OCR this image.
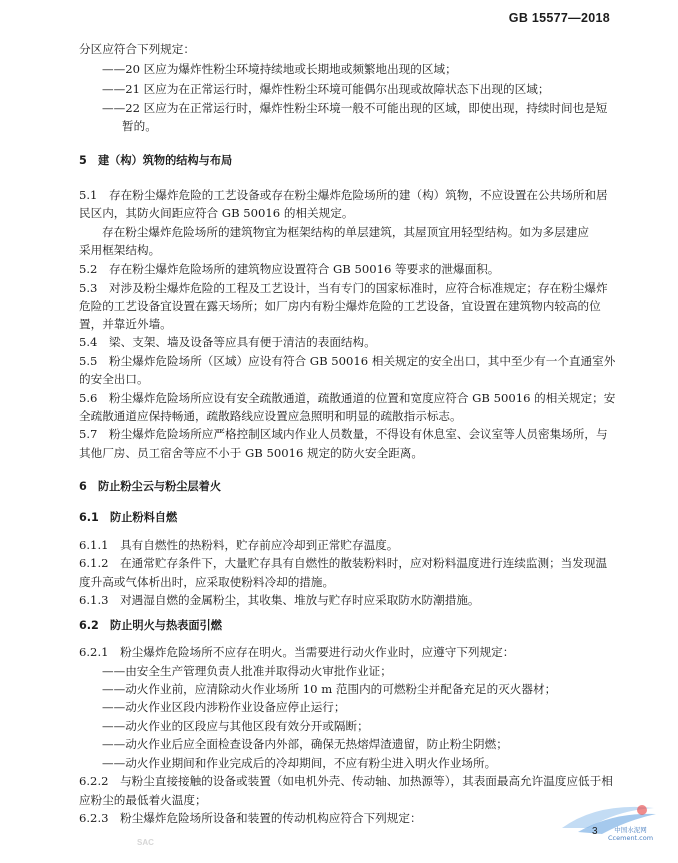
GB 15577—2018
分区应符合下列规定：
——20 区应为爆炸性粉尘环境持续地或长期地或频繁地出现的区域；
——21 区应为在正常运行时，爆炸性粉尘环境可能偶尔出现或故障状态下出现的区域；
——22 区应为在正常运行时，爆炸性粉尘环境一般不可能出现的区域，即使出现，持续时间也是短
暂的。
5　建（构）筑物的结构与布局
5.1　存在粉尘爆炸危险的工艺设备或存在粉尘爆炸危险场所的建（构）筑物，不应设置在公共场所和居
民区内，其防火间距应符合 GB 50016 的相关规定。
存在粉尘爆炸危险场所的建筑物宜为框架结构的单层建筑，其屋顶宜用轻型结构。如为多层建应
采用框架结构。
5.2　存在粉尘爆炸危险场所的建筑物应设置符合 GB 50016 等要求的泄爆面积。
5.3　对涉及粉尘爆炸危险的工程及工艺设计，当有专门的国家标准时，应符合标准规定；存在粉尘爆炸
危险的工艺设备宜设置在露天场所；如厂房内有粉尘爆炸危险的工艺设备，宜设置在建筑物内较高的位
置，并靠近外墙。
5.4　梁、支架、墙及设备等应具有便于清洁的表面结构。
5.5　粉尘爆炸危险场所（区域）应设有符合 GB 50016 相关规定的安全出口，其中至少有一个直通室外
的安全出口。
5.6　粉尘爆炸危险场所应设有安全疏散通道，疏散通道的位置和宽度应符合 GB 50016 的相关规定；安
全疏散通道应保持畅通，疏散路线应设置应急照明和明显的疏散指示标志。
5.7　粉尘爆炸危险场所应严格控制区域内作业人员数量，不得设有休息室、会议室等人员密集场所，与
其他厂房、员工宿舍等应不小于 GB 50016 规定的防火安全距离。
6　防止粉尘云与粉尘层着火
6.1　防止粉料自燃
6.1.1　具有自燃性的热粉料，贮存前应冷却到正常贮存温度。
6.1.2　在通常贮存条件下，大量贮存具有自燃性的散装粉料时，应对粉料温度进行连续监测；当发现温
度升高或气体析出时，应采取使粉料冷却的措施。
6.1.3　对遇湿自燃的金属粉尘，其收集、堆放与贮存时应采取防水防潮措施。
6.2　防止明火与热表面引燃
6.2.1　粉尘爆炸危险场所不应存在明火。当需要进行动火作业时，应遵守下列规定：
——由安全生产管理负责人批准并取得动火审批作业证；
——动火作业前，应清除动火作业场所 10 m 范围内的可燃粉尘并配备充足的灭火器材；
——动火作业区段内涉粉作业设备应停止运行；
——动火作业的区段应与其他区段有效分开或隔断；
——动火作业后应全面检查设备内外部，确保无热熔焊渣遗留，防止粉尘阴燃；
——动火作业期间和作业完成后的冷却期间，不应有粉尘进入明火作业场所。
6.2.2　与粉尘直接接触的设备或装置（如电机外壳、传动轴、加热源等），其表面最高允许温度应低于相
应粉尘的最低着火温度；
6.2.3　粉尘爆炸危险场所设备和装置的传动机构应符合下列规定：
3	中国水泥网
Ccement.com
SAC
